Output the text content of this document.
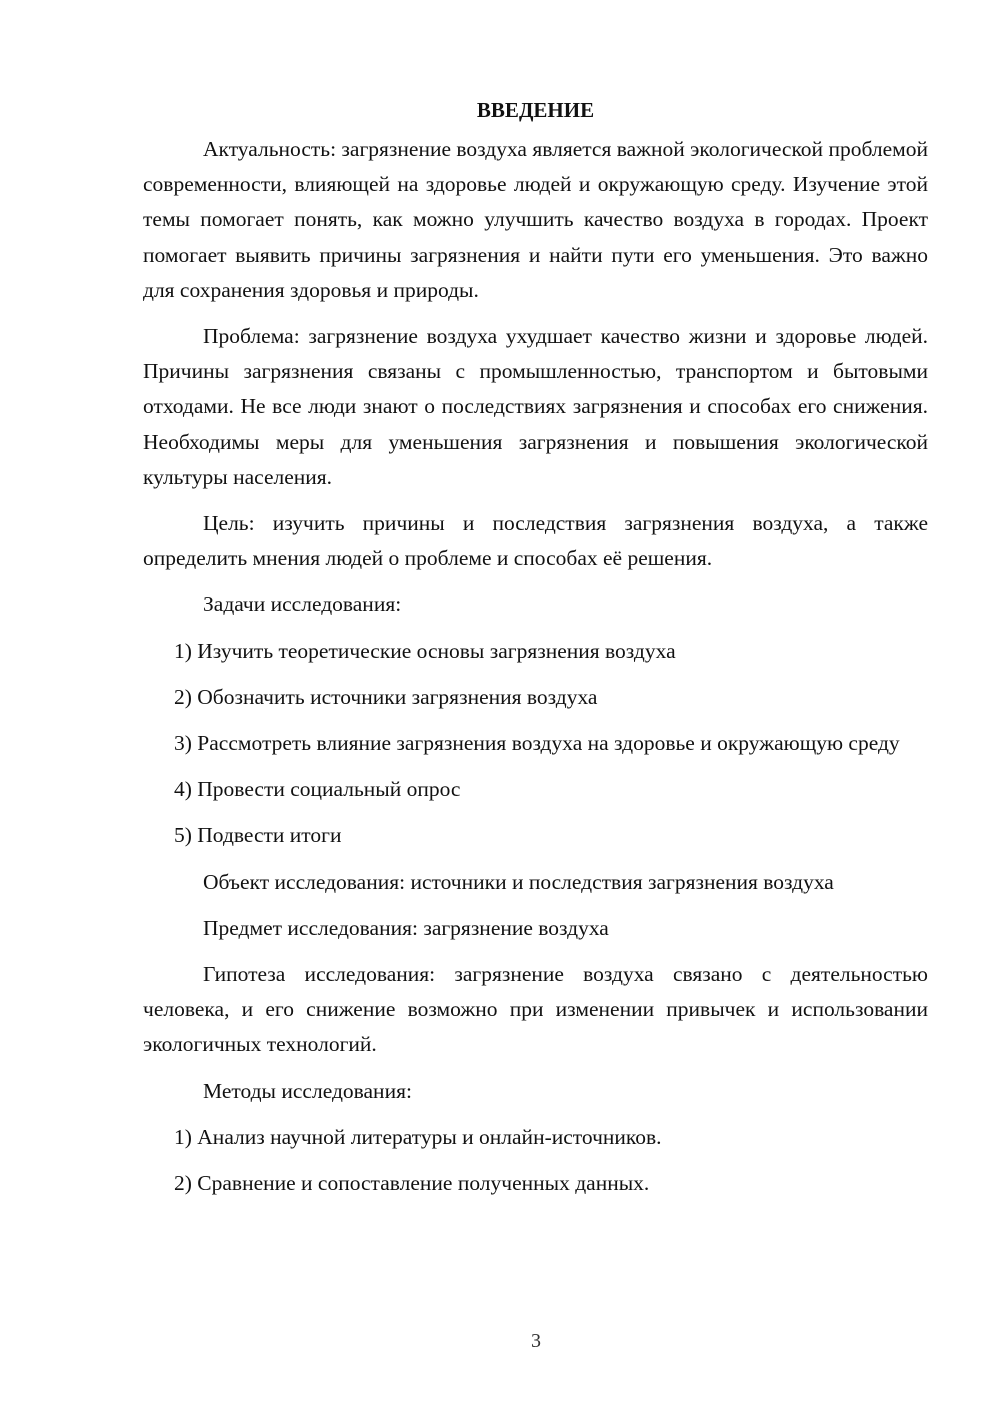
ВВЕДЕНИЕ

Актуальность: загрязнение воздуха является важной экологической проблемой современности, влияющей на здоровье людей и окружающую среду. Изучение этой темы помогает понять, как можно улучшить качество воздуха в городах. Проект помогает выявить причины загрязнения и найти пути его уменьшения. Это важно для сохранения здоровья и природы.

Проблема: загрязнение воздуха ухудшает качество жизни и здоровье людей. Причины загрязнения связаны с промышленностью, транспортом и бытовыми отходами. Не все люди знают о последствиях загрязнения и способах его снижения. Необходимы меры для уменьшения загрязнения и повышения экологической культуры населения.

Цель: изучить причины и последствия загрязнения воздуха, а также определить мнения людей о проблеме и способах её решения.

Задачи исследования:

1) Изучить теоретические основы загрязнения воздуха

2) Обозначить источники загрязнения воздуха

3) Рассмотреть влияние загрязнения воздуха на здоровье и окружающую среду

4) Провести социальный опрос

5) Подвести итоги

Объект исследования: источники и последствия загрязнения воздуха

Предмет исследования: загрязнение воздуха

Гипотеза исследования: загрязнение воздуха связано с деятельностью человека, и его снижение возможно при изменении привычек и использовании экологичных технологий.

Методы исследования:

1) Анализ научной литературы и онлайн-источников.

2) Сравнение и сопоставление полученных данных.

3
